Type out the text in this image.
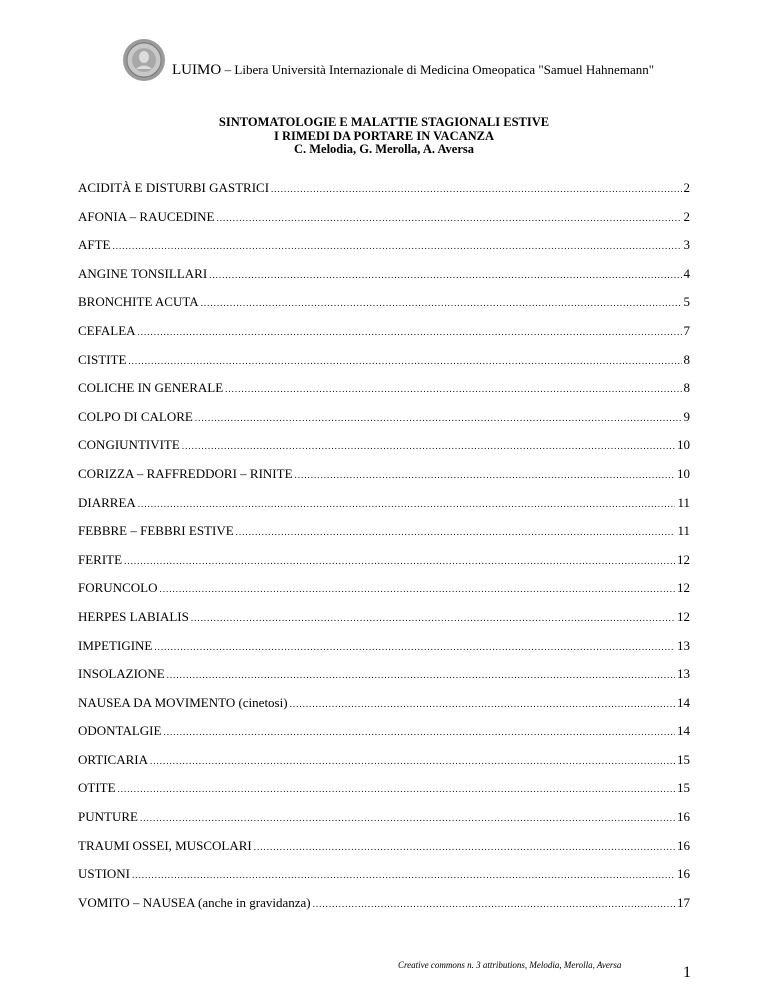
LUIMO – Libera Università Internazionale di Medicina Omeopatica "Samuel Hahnemann"
SINTOMATOLOGIE E MALATTIE STAGIONALI ESTIVE
I RIMEDI DA PORTARE IN VACANZA
C. Melodia, G. Merolla, A. Aversa
ACIDITÀ E DISTURBI GASTRICI .....	2
AFONIA – RAUCEDINE .....	2
AFTE .....	3
ANGINE TONSILLARI .....	4
BRONCHITE ACUTA .....	5
CEFALEA .....	7
CISTITE .....	8
COLICHE IN GENERALE .....	8
COLPO DI CALORE .....	9
CONGIUNTIVITE .....	10
CORIZZA – RAFFREDDORI – RINITE .....	10
DIARREA .....	11
FEBBRE – FEBBRI ESTIVE .....	11
FERITE .....	12
FORUNCOLO .....	12
HERPES LABIALIS .....	12
IMPETIGINE .....	13
INSOLAZIONE .....	13
NAUSEA DA MOVIMENTO (cinetosi) .....	14
ODONTALGIE .....	14
ORTICARIA .....	15
OTITE .....	15
PUNTURE .....	16
TRAUMI OSSEI, MUSCOLARI .....	16
USTIONI .....	16
VOMITO – NAUSEA (anche in gravidanza) .....	17
Creative commons n. 3 attributions, Melodia, Merolla, Aversa	1
